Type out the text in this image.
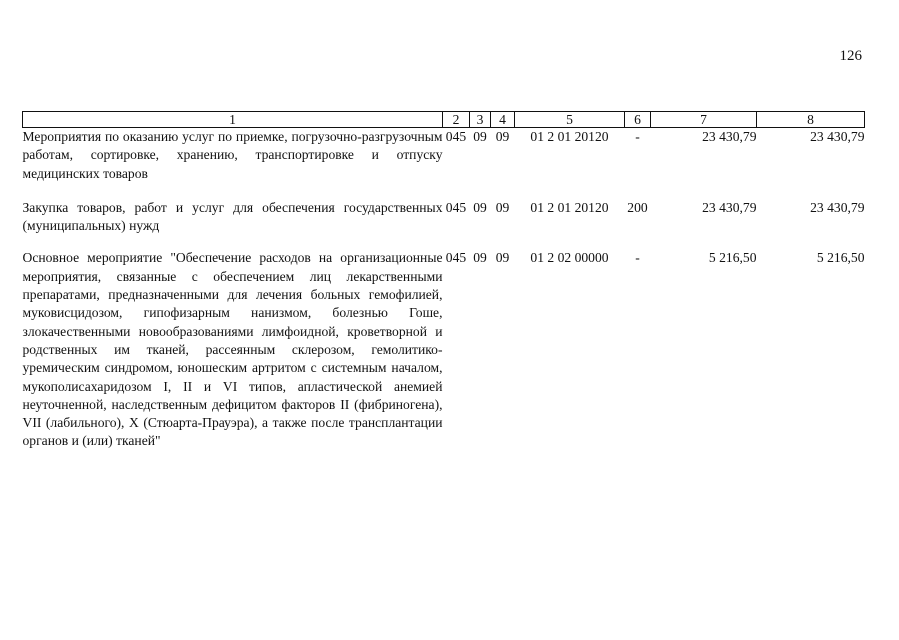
126
1	2	3	4	5	6	7	8
Мероприятия по оказанию услуг по приемке, погрузочно-разгрузочным работам, сортировке, хранению, транспортировке и отпуску медицинских товаров	045	09	09	01 2 01 20120	-	23 430,79	23 430,79
Закупка товаров, работ и услуг для обеспечения государственных (муниципальных) нужд	045	09	09	01 2 01 20120	200	23 430,79	23 430,79
Основное мероприятие "Обеспечение расходов на организационные мероприятия, связанные с обеспечением лиц лекарственными препаратами, предназначенными для лечения больных гемофилией, муковисцидозом, гипофизарным нанизмом, болезнью Гоше, злокачественными новообразованиями лимфоидной, кроветворной и родственных им тканей, рассеянным склерозом, гемолитико-уремическим синдромом, юношеским артритом с системным началом, мукополисахаридозом I, II и VI типов, апластической анемией неуточненной, наследственным дефицитом факторов II (фибриногена), VII (лабильного), X (Стюарта-Прауэра), а также после трансплантации органов и (или) тканей"	045	09	09	01 2 02 00000	-	5 216,50	5 216,50
